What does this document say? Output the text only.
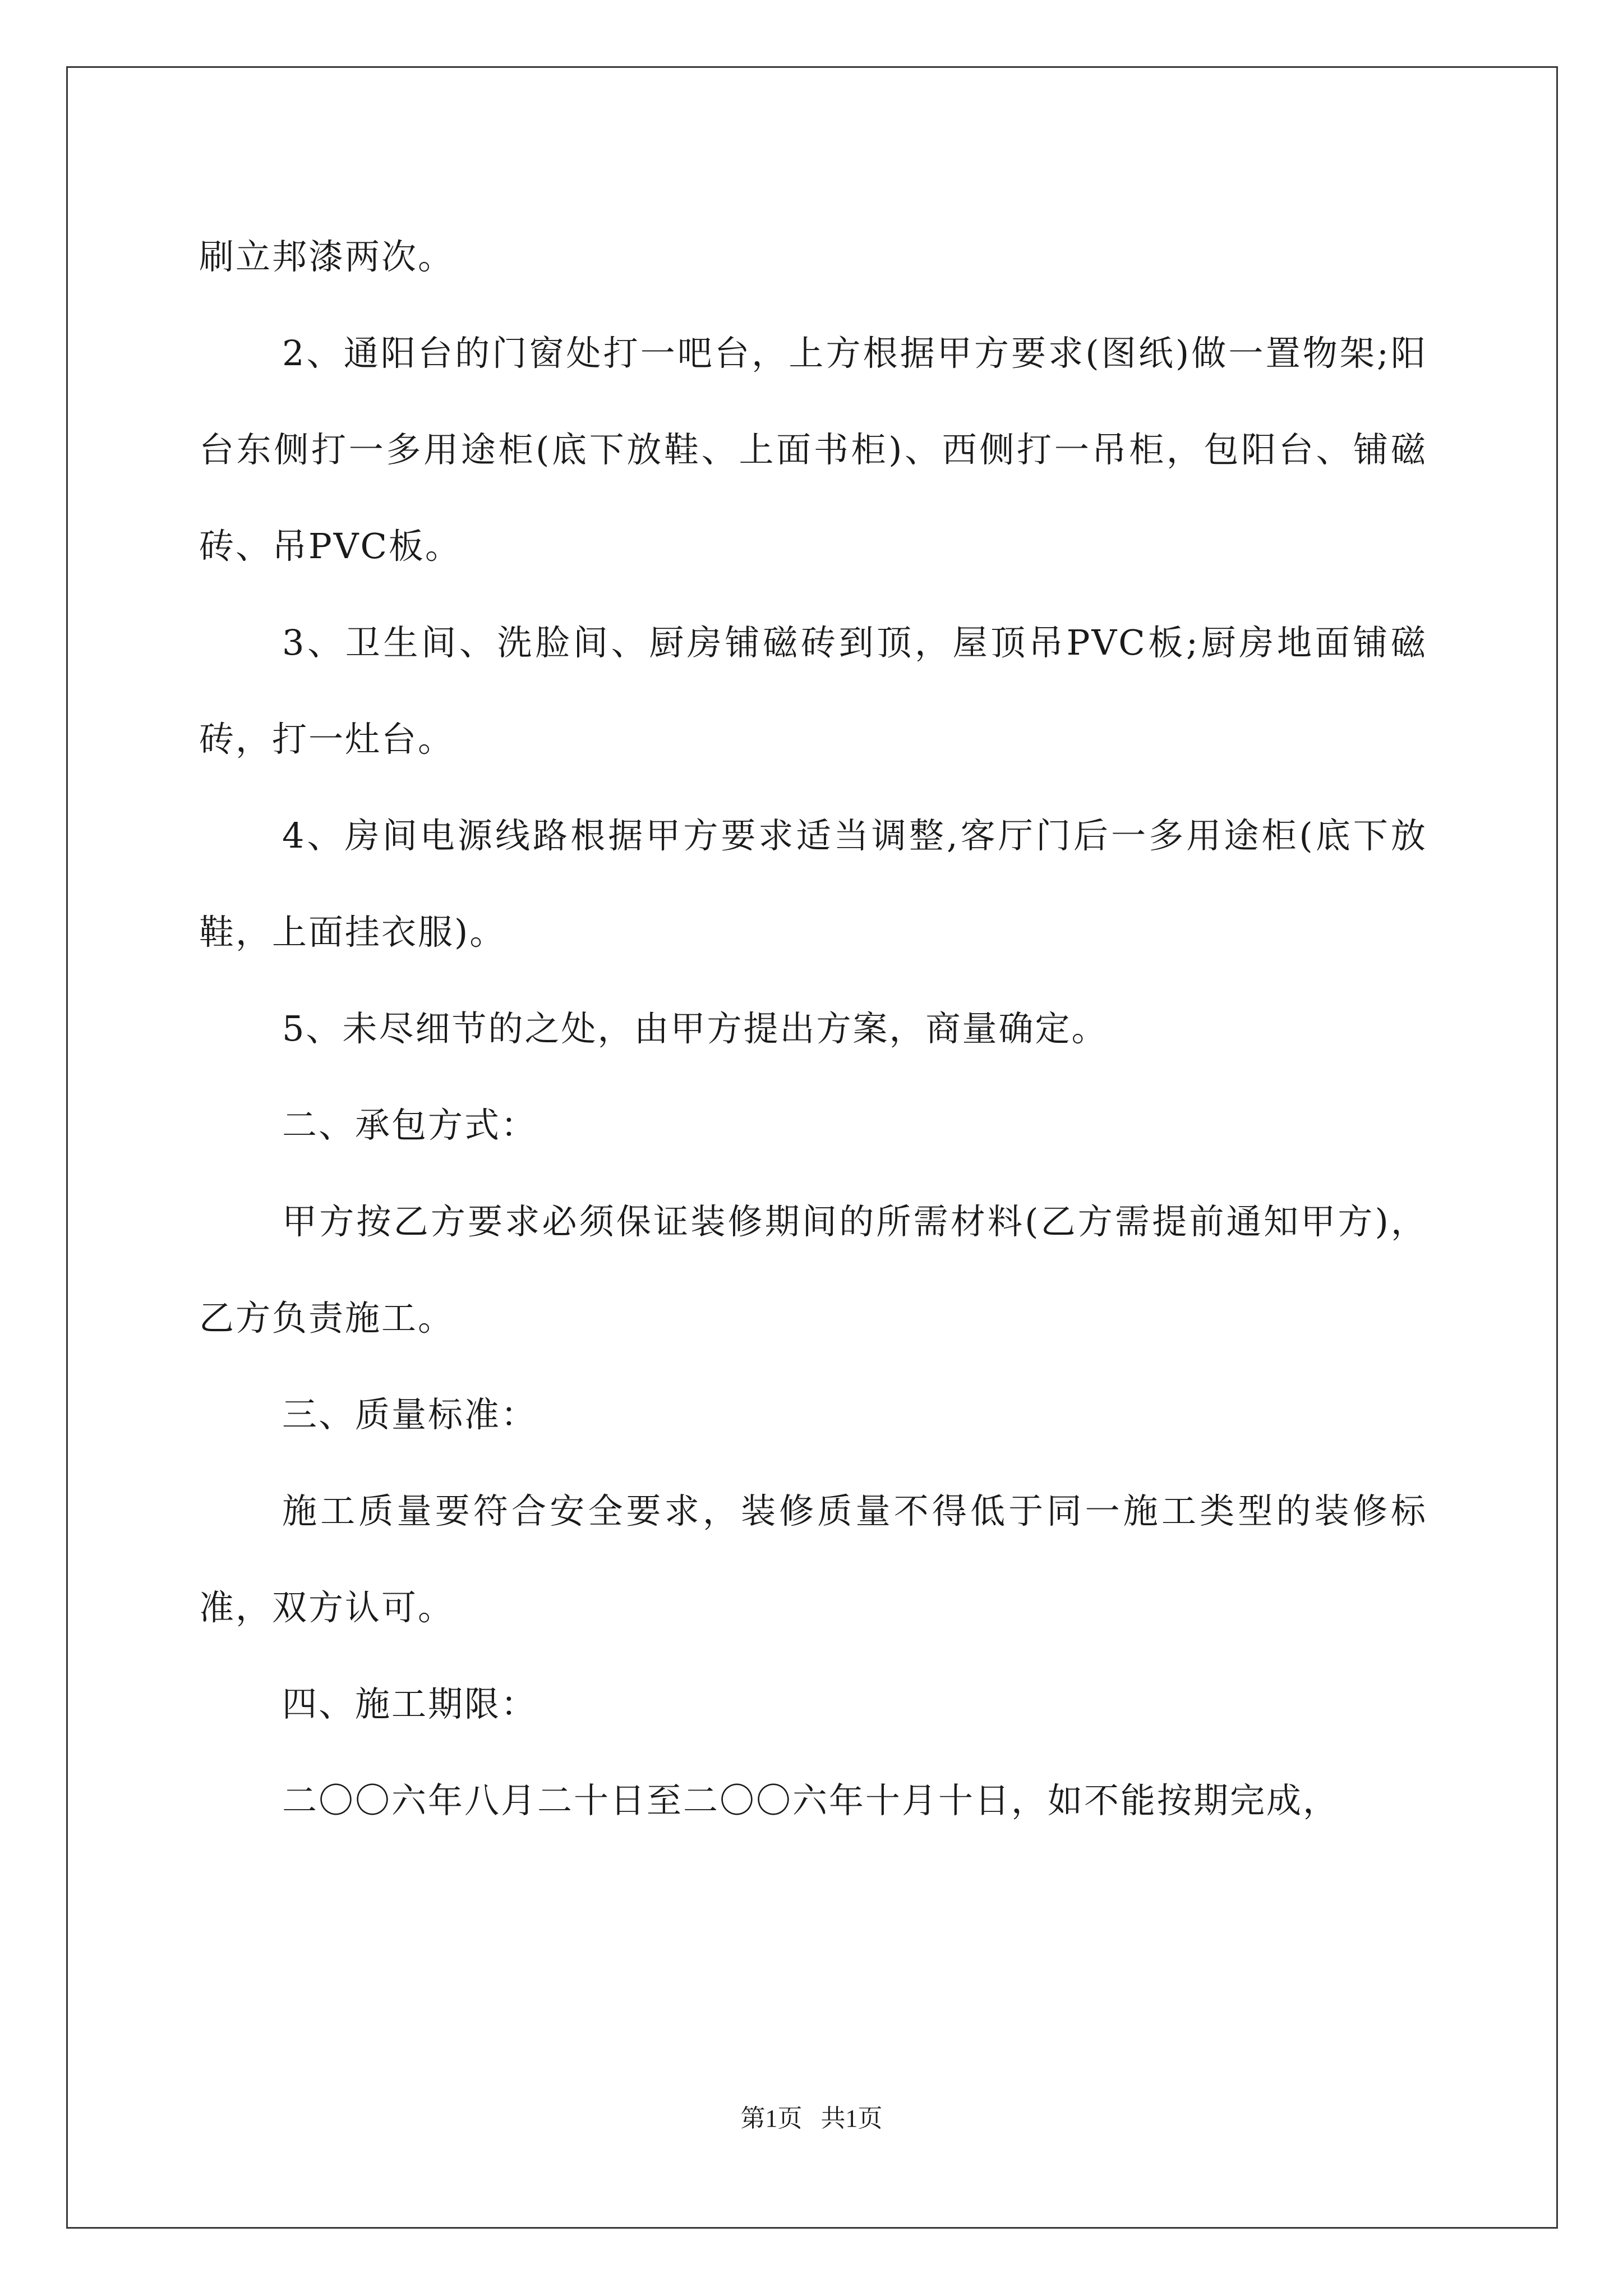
刷立邦漆两次。

2、通阳台的门窗处打一吧台，上方根据甲方要求(图纸)做一置物架;阳台东侧打一多用途柜(底下放鞋、上面书柜)、西侧打一吊柜，包阳台、铺磁砖、吊PVC板。

3、卫生间、洗脸间、厨房铺磁砖到顶，屋顶吊PVC板;厨房地面铺磁砖，打一灶台。

4、房间电源线路根据甲方要求适当调整,客厅门后一多用途柜(底下放鞋，上面挂衣服)。

5、未尽细节的之处，由甲方提出方案，商量确定。

二、承包方式：

甲方按乙方要求必须保证装修期间的所需材料(乙方需提前通知甲方)，乙方负责施工。

三、质量标准：

施工质量要符合安全要求，装修质量不得低于同一施工类型的装修标准，双方认可。

四、施工期限：

二〇〇六年八月二十日至二〇〇六年十月十日，如不能按期完成，

第1页   共1页
